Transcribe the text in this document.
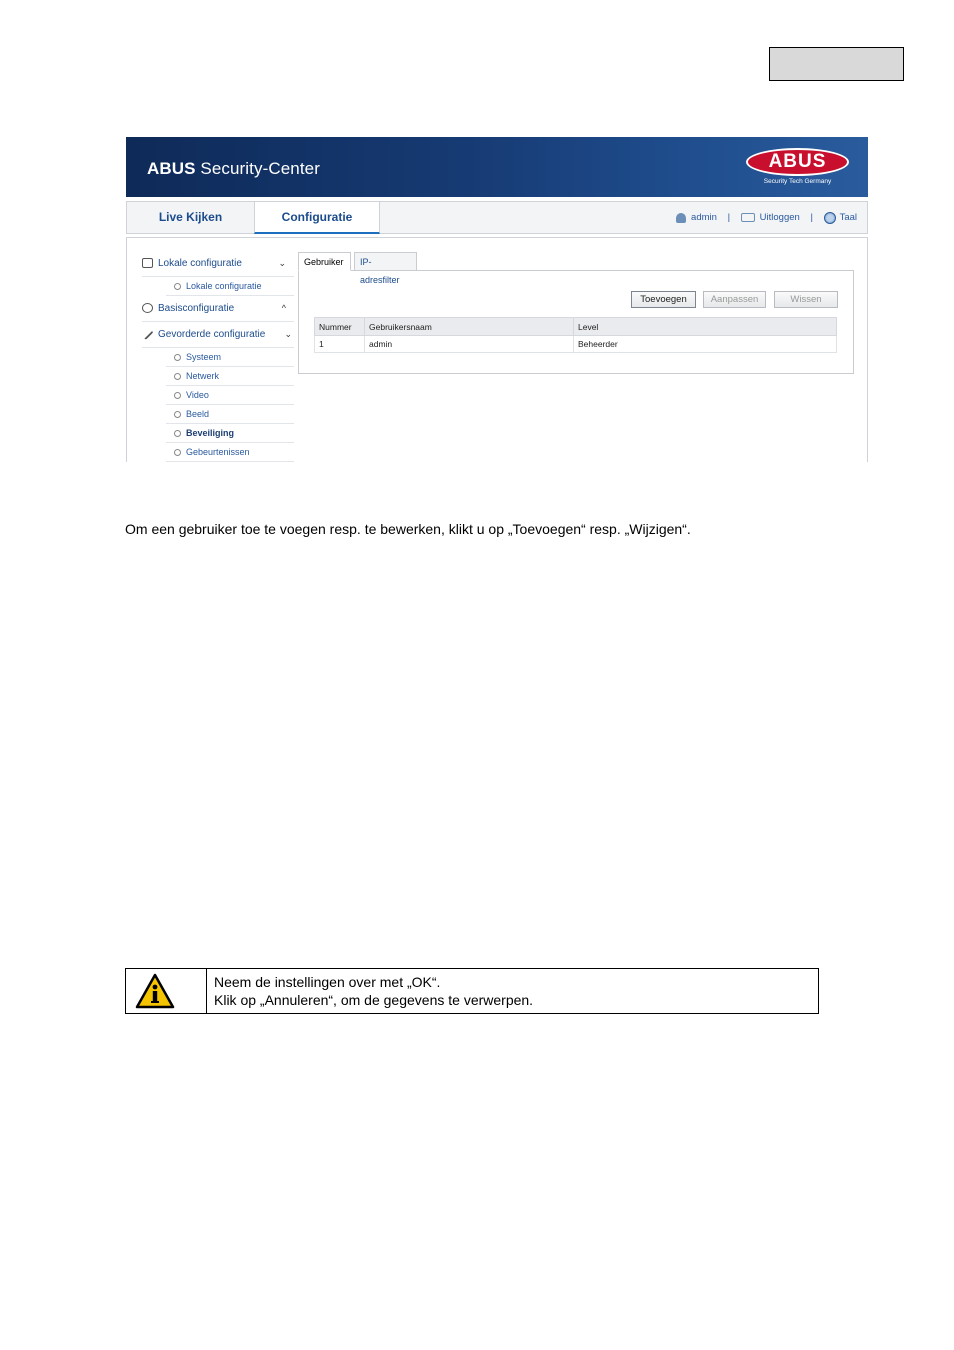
ABUS Security-Center	ABUS
Security Tech Germany
Live Kijken	Configuratie	admin |	Uitloggen |	Taal
Lokale configuratie	⌄
Lokale configuratie
Basisconfiguratie	^
Gevorderde configuratie ⌄
Systeem
Netwerk
Video
Beeld
Beveiliging
Gebeurtenissen
Gebruiker	IP-adresfilter
Toevoegen	Aanpassen	Wissen
Nummer	Gebruikersnaam	Level
1	admin	Beheerder
Om een gebruiker toe te voegen resp. te bewerken, klikt u op „Toevoegen“ resp. „Wijzigen“.
Neem de instellingen over met „OK“.
Klik op „Annuleren“, om de gegevens te verwerpen.
